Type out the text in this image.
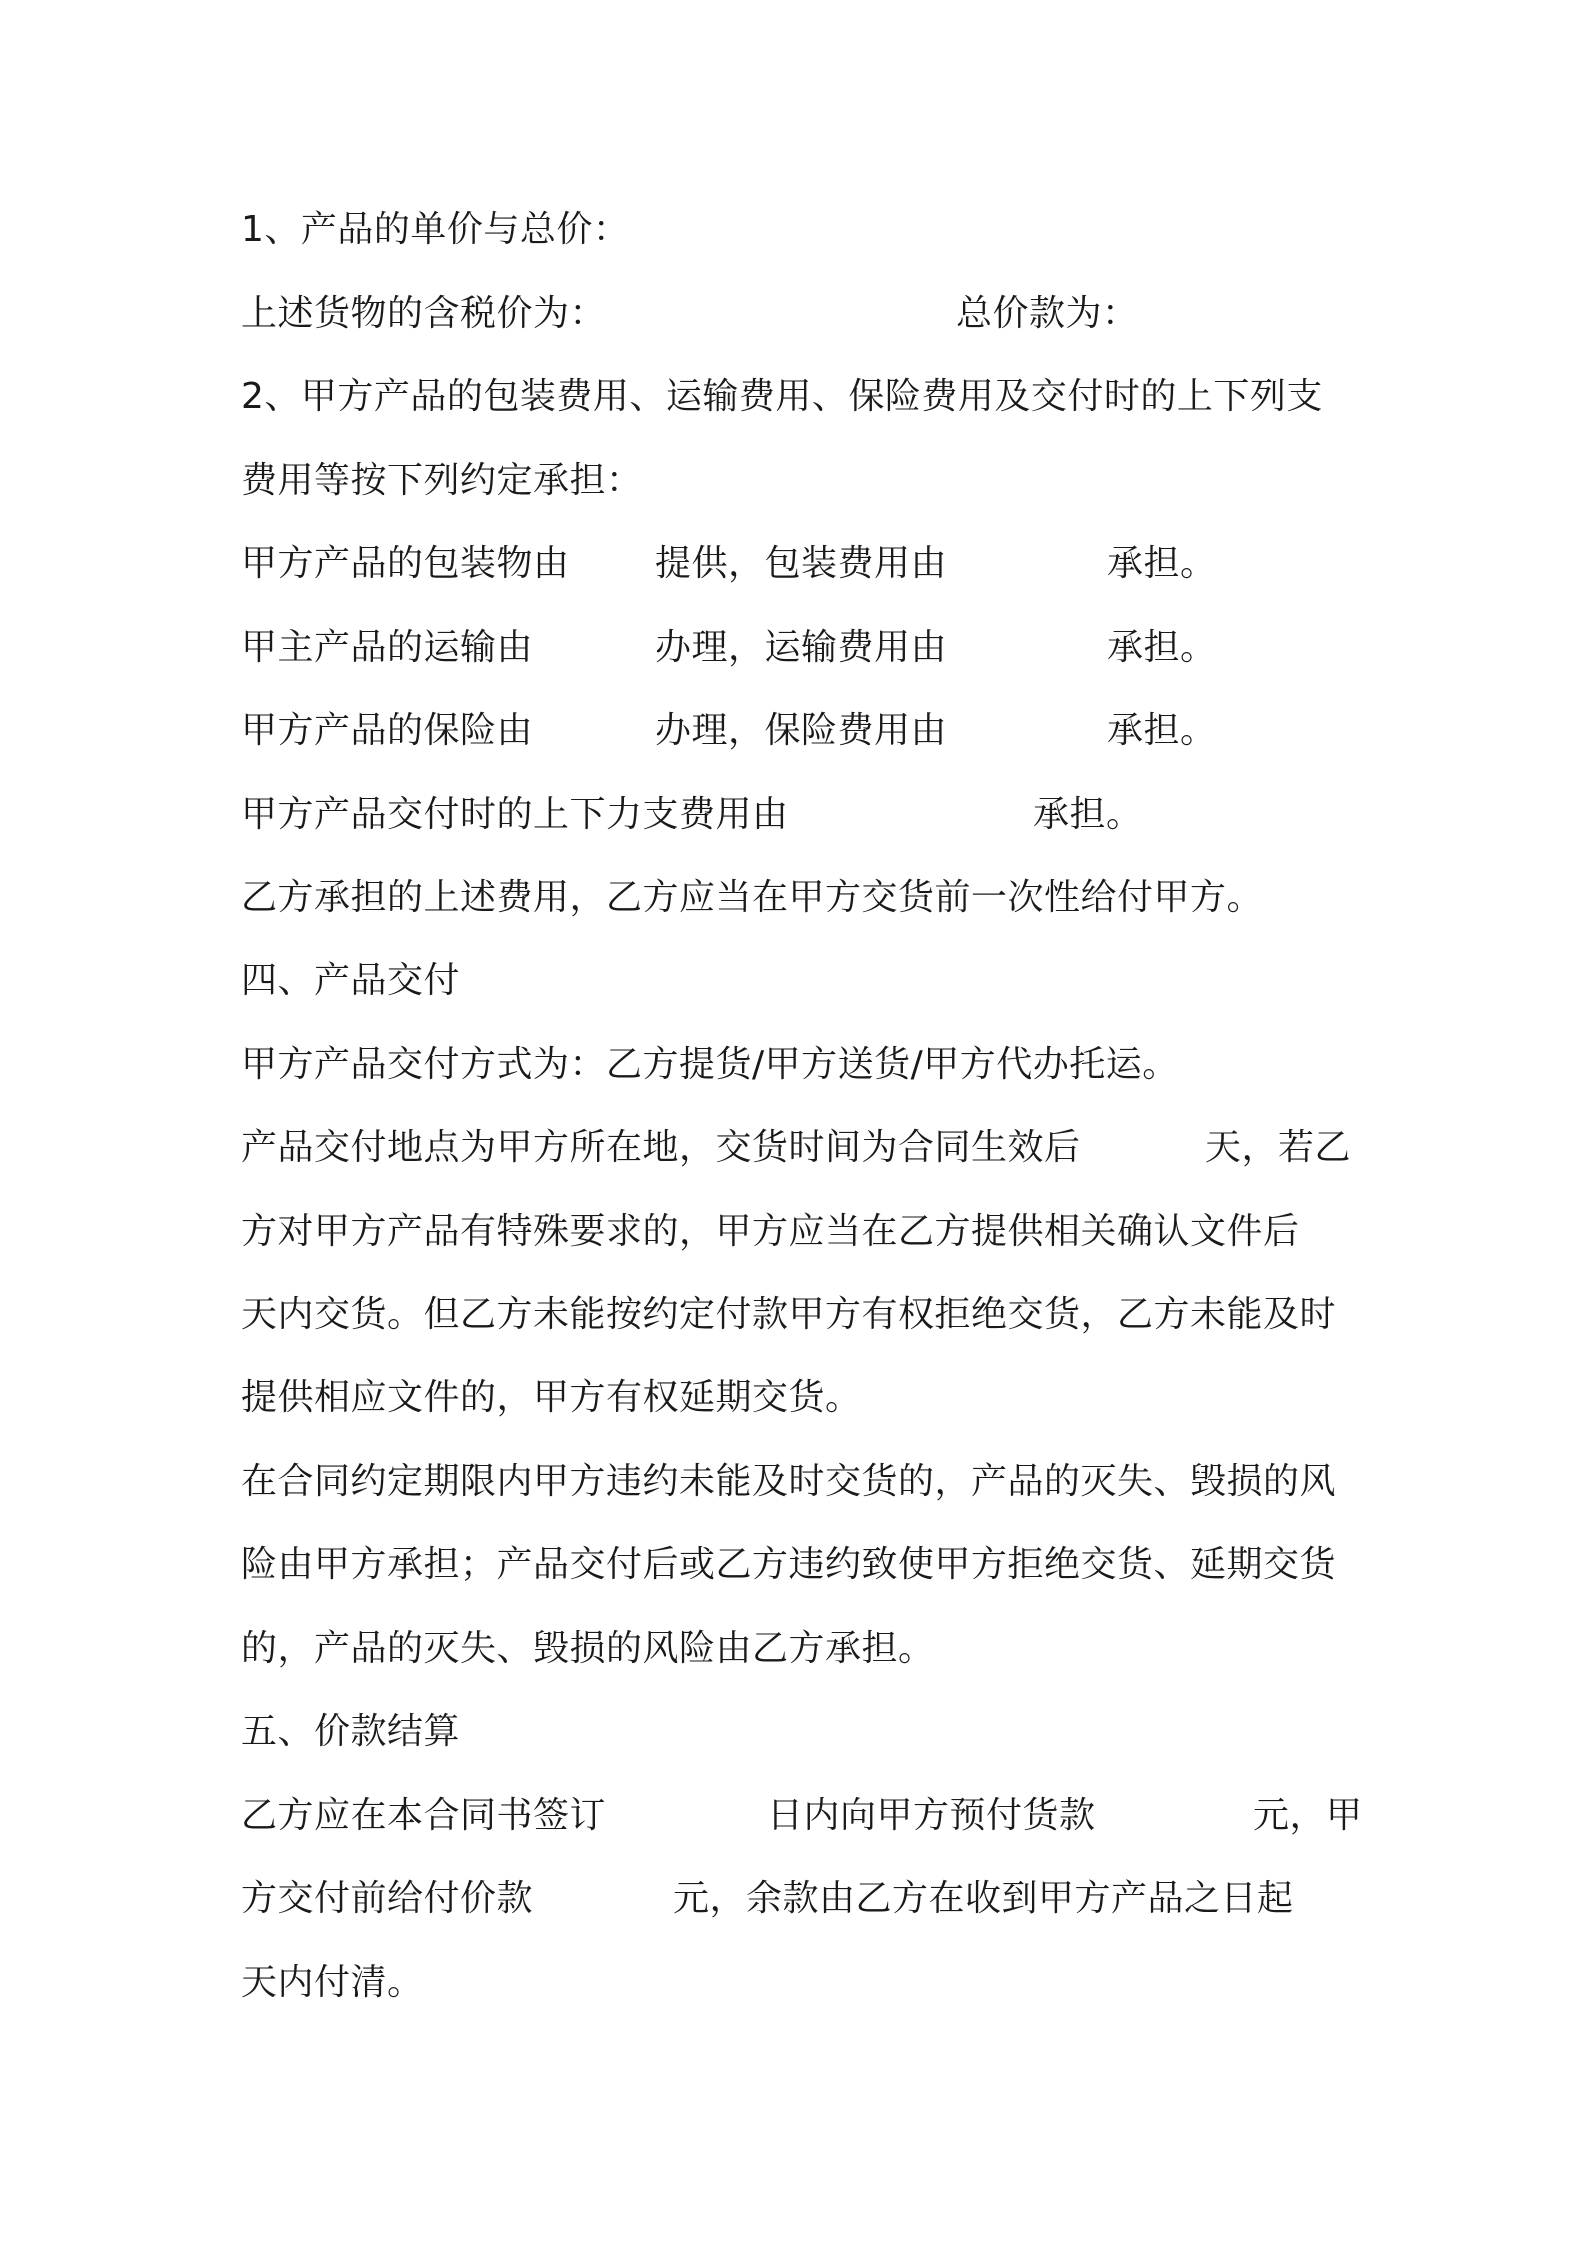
1、产品的单价与总价：
上述货物的含税价为：	总价款为：
2、甲方产品的包装费用、运输费用、保险费用及交付时的上下列支
费用等按下列约定承担：
甲方产品的包装物由 提供，包装费用由	承担。
甲主产品的运输由	办理，运输费用由	承担。
甲方产品的保险由	办理，保险费用由	承担。
甲方产品交付时的上下力支费用由	承担。
乙方承担的上述费用，乙方应当在甲方交货前一次性给付甲方。
四、产品交付
甲方产品交付方式为：乙方提货/甲方送货/甲方代办托运。
产品交付地点为甲方所在地，交货时间为合同生效后	天，若乙
方对甲方产品有特殊要求的，甲方应当在乙方提供相关确认文件后
天内交货。但乙方未能按约定付款甲方有权拒绝交货，乙方未能及时
提供相应文件的，甲方有权延期交货。
在合同约定期限内甲方违约未能及时交货的，产品的灭失、毁损的风
险由甲方承担；产品交付后或乙方违约致使甲方拒绝交货、延期交货
的，产品的灭失、毁损的风险由乙方承担。
五、价款结算
乙方应在本合同书签订	日内向甲方预付货款	元，甲
方交付前给付价款	元，余款由乙方在收到甲方产品之日起
天内付清。
